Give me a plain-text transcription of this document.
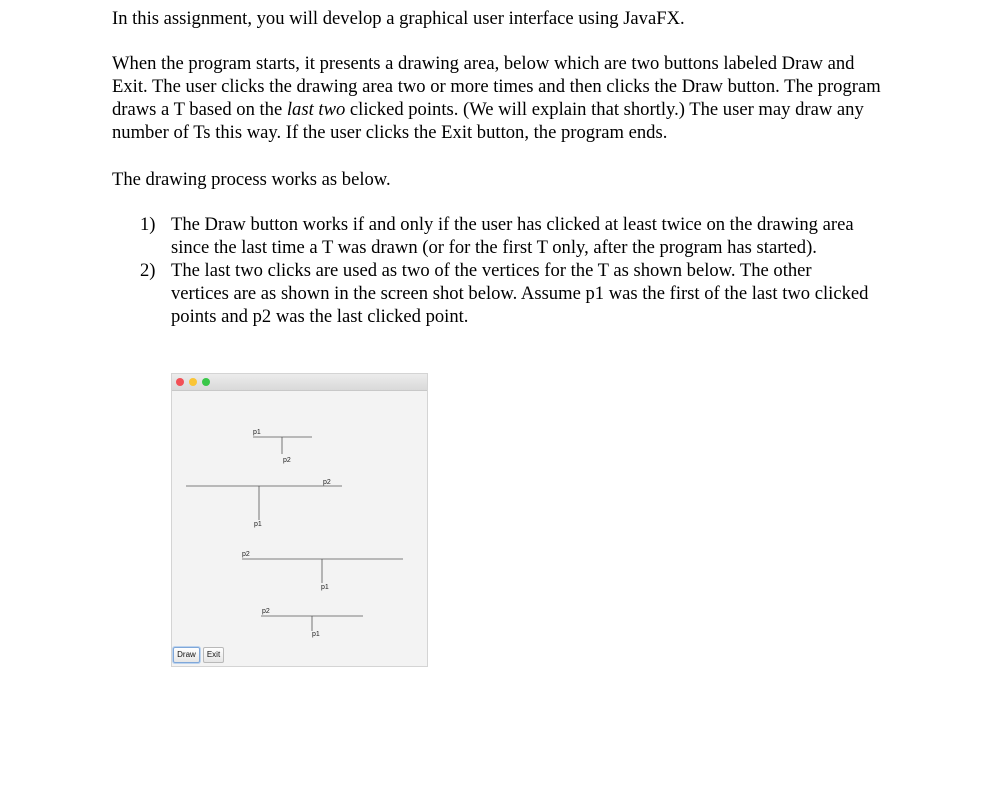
In this assignment, you will develop a graphical user interface using JavaFX.

When the program starts, it presents a drawing area, below which are two buttons labeled Draw and Exit. The user clicks the drawing area two or more times and then clicks the Draw button. The program draws a T based on the last two clicked points. (We will explain that shortly.) The user may draw any number of Ts this way. If the user clicks the Exit button, the program ends.

The drawing process works as below.

1) The Draw button works if and only if the user has clicked at least twice on the drawing area since the last time a T was drawn (or for the first T only, after the program has started).
2) The last two clicks are used as two of the vertices for the T as shown below. The other vertices are as shown in the screen shot below. Assume p1 was the first of the last two clicked points and p2 was the last clicked point.
p1
p2
p2
p1
p2
p1
p2
p1
Draw	Exit
